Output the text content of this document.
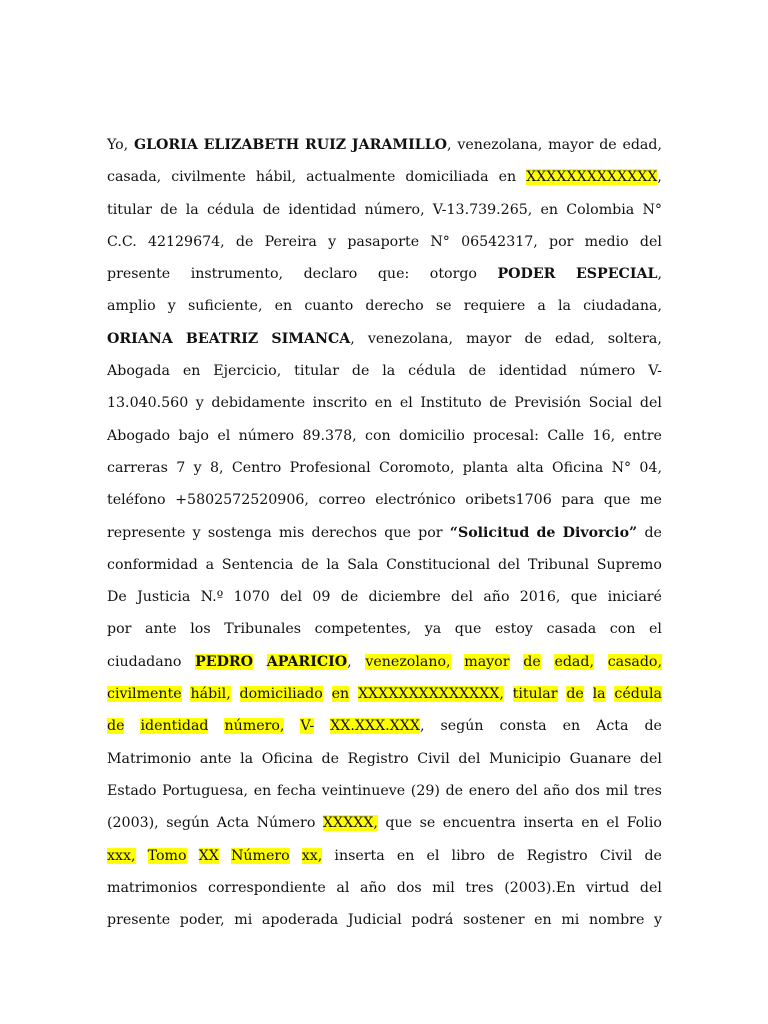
Yo, GLORIA ELIZABETH RUIZ JARAMILLO, venezolana, mayor de edad,
casada, civilmente hábil, actualmente domiciliada en XXXXXXXXXXXXX,
titular de la cédula de identidad número, V-13.739.265, en Colombia N°
C.C. 42129674, de Pereira y pasaporte N° 06542317, por medio del
presente instrumento, declaro que: otorgo PODER ESPECIAL,
amplio y suficiente, en cuanto derecho se requiere a la ciudadana,
ORIANA BEATRIZ SIMANCA, venezolana, mayor de edad, soltera,
Abogada en Ejercicio, titular de la cédula de identidad número V-
13.040.560 y debidamente inscrito en el Instituto de Previsión Social del
Abogado bajo el número 89.378, con domicilio procesal: Calle 16, entre
carreras 7 y 8, Centro Profesional Coromoto, planta alta Oficina N° 04,
teléfono +5802572520906, correo electrónico oribets1706 para que me
represente y sostenga mis derechos que por “Solicitud de Divorcio” de
conformidad a Sentencia de la Sala Constitucional del Tribunal Supremo
De Justicia N.º 1070 del 09 de diciembre del año 2016, que iniciaré
por ante los Tribunales competentes, ya que estoy casada con el
ciudadano PEDRO APARICIO, venezolano, mayor de edad, casado,
civilmente hábil, domiciliado en XXXXXXXXXXXXXX, titular de la cédula
de identidad número, V- XX.XXX.XXX, según consta en Acta de
Matrimonio ante la Oficina de Registro Civil del Municipio Guanare del
Estado Portuguesa, en fecha veintinueve (29) de enero del año dos mil tres
(2003), según Acta Número XXXXX, que se encuentra inserta en el Folio
xxx, Tomo XX Número xx, inserta en el libro de Registro Civil de
matrimonios correspondiente al año dos mil tres (2003).En virtud del
presente poder, mi apoderada Judicial podrá sostener en mi nombre y
